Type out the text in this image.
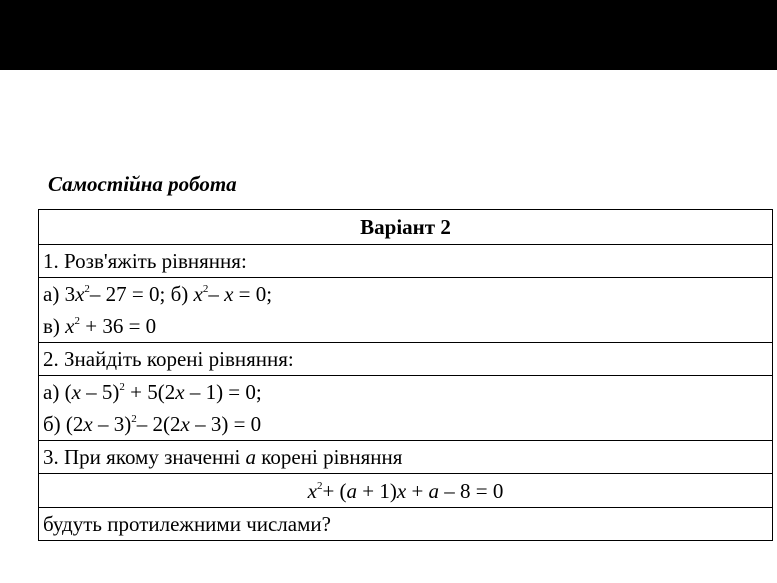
Самостійна робота
Варіант 2
1. Розв'яжіть рівняння:

а) $3x^2-$ 27 = 0; б) $x^2-$ x = 0;
в) $x^2 + 36 = 0$

2. Знайдіть корені рівняння:

а) (x – 5)$^2$ + 5(2x – 1) = 0;
б) (2x – 3)$^2$– 2(2x – 3) = 0

3. При якому значенні a корені рівняння
$x^2+ (a + 1)x + a - 8 = 0$
будуть протилежними числами?
